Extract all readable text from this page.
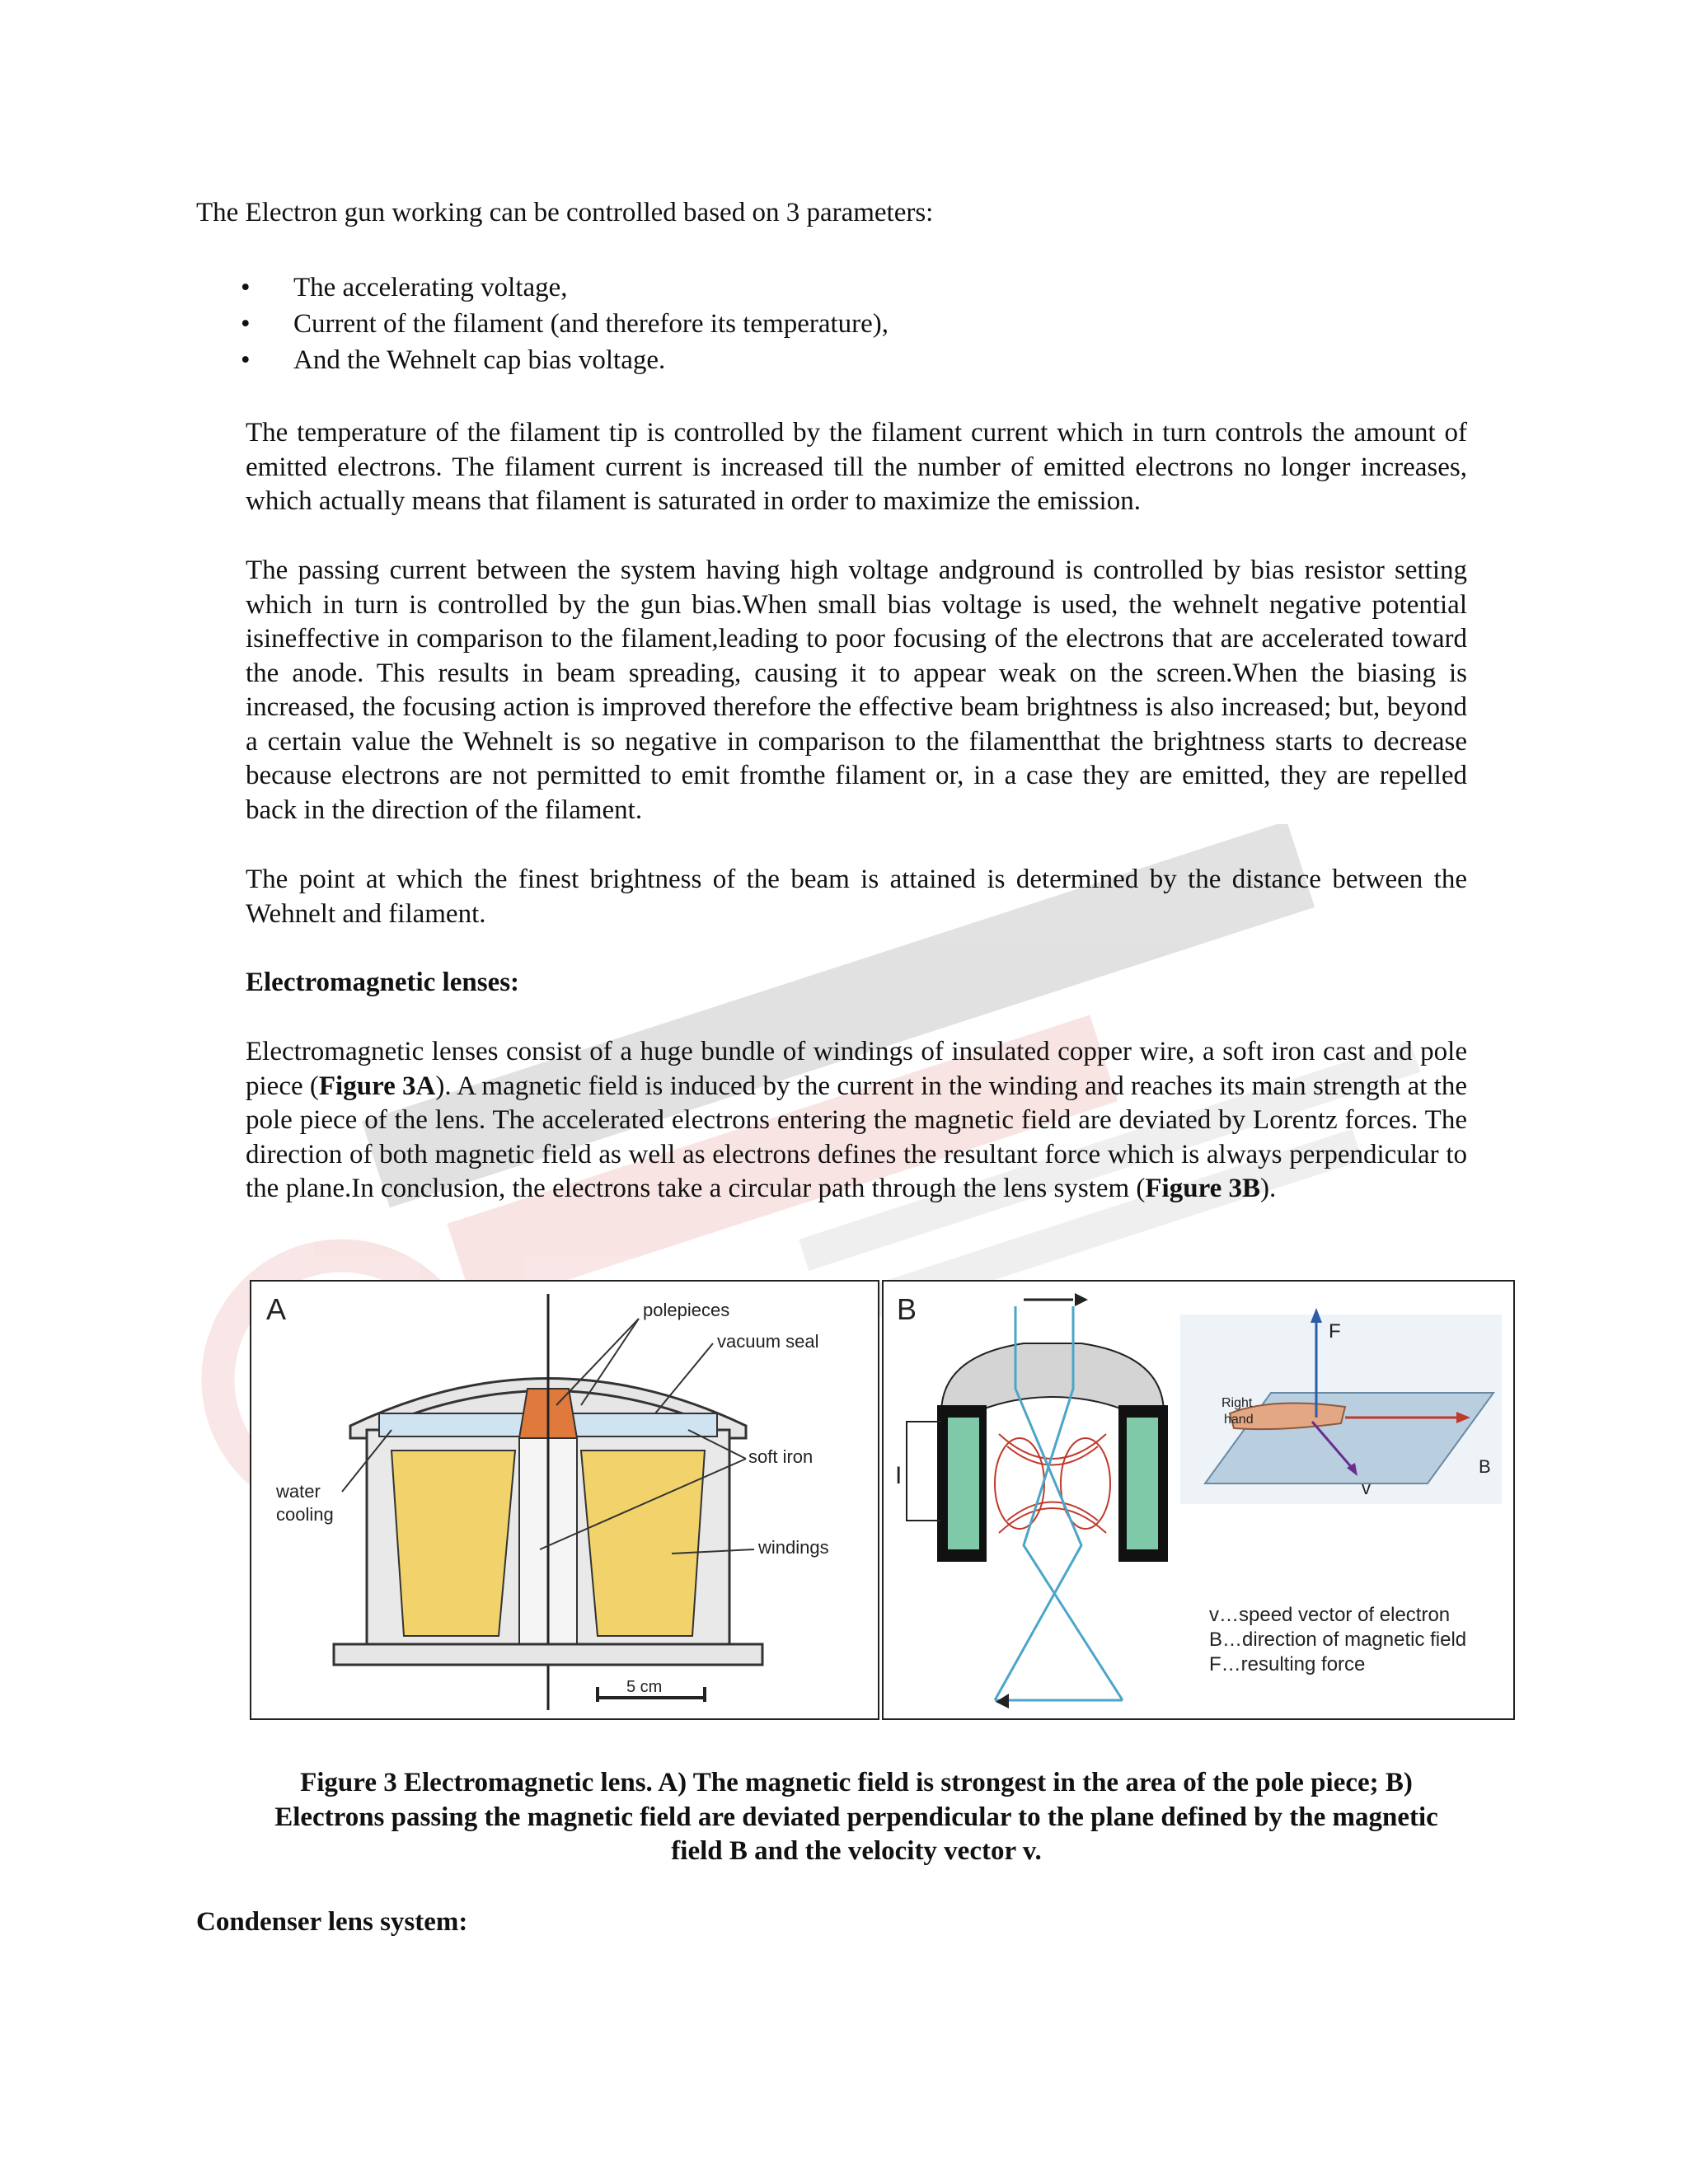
The Electron gun working can be controlled based on 3 parameters:
• The accelerating voltage,
• Current of the filament (and therefore its temperature),
• And the Wehnelt cap bias voltage.
The temperature of the filament tip is controlled by the filament current which in turn controls the amount of emitted electrons. The filament current is increased till the number of emitted electrons no longer increases, which actually means that filament is saturated in order to maximize the emission.
The passing current between the system having high voltage andground is controlled by bias resistor setting which in turn is controlled by the gun bias.When small bias voltage is used, the wehnelt negative potential isineffective in comparison to the filament,leading to poor focusing of the electrons that are accelerated toward the anode. This results in beam spreading, causing it to appear weak on the screen.When the biasing is increased, the focusing action is improved therefore the effective beam brightness is also increased; but, beyond a certain value the Wehnelt is so negative in comparison to the filamentthat the brightness starts to decrease because electrons are not permitted to emit fromthe filament or, in a case they are emitted, they are repelled back in the direction of the filament.
The point at which the finest brightness of the beam is attained is determined by the distance between the Wehnelt and filament.
Electromagnetic lenses:
Electromagnetic lenses consist of a huge bundle of windings of insulated copper wire, a soft iron cast and pole piece (Figure 3A). A magnetic field is induced by the current in the winding and reaches its main strength at the pole piece of the lens. The accelerated electrons entering the magnetic field are deviated by Lorentz forces. The direction of both magnetic field as well as electrons defines the resultant force which is always perpendicular to the plane.In conclusion, the electrons take a circular path through the lens system (Figure 3B).
A	polepieces
vacuum seal
soft iron
water
cooling
windings
5 cm
B
I
F
Right
hand
B
v
v…speed vector of electron
B…direction of magnetic field
F…resulting force
Figure 3 Electromagnetic lens. A) The magnetic field is strongest in the area of the pole piece; B) Electrons passing the magnetic field are deviated perpendicular to the plane defined by the magnetic field B and the velocity vector v.
Condenser lens system:
